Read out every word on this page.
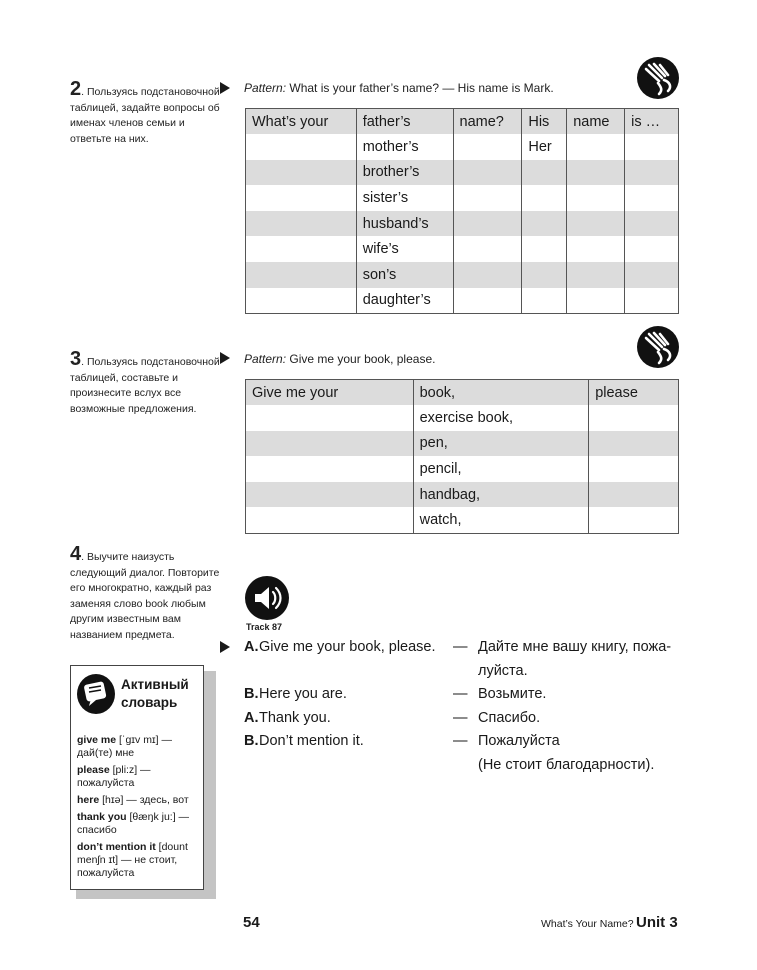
2. Пользуясь подстановочной таблицей, задайте вопросы об именах членов семьи и ответьте на них.
Pattern: What is your father’s name? — His name is Mark.
What’s your	father’s	name?	His	name	is …
	mother’s		Her		
	brother’s				
	sister’s				
	husband’s				
	wife’s				
	son’s				
	daughter’s				
3. Пользуясь подстановочной таблицей, составьте и произнесите вслух все возможные предложения.
Pattern: Give me your book, please.
Give me your	book,	please
	exercise book,	
	pen,	
	pencil,	
	handbag,	
	watch,	
4. Выучите наизусть следующий диалог. Повторите его многократно, каждый раз заменяя слово book любым другим известным вам названием предмета.
Track 87
A. Give me your book, please. — Дайте мне вашу книгу, пожа-
луйста.
B. Here you are.	— Возьмите.
A. Thank you.	— Спасибо.
B. Don’t mention it.	— Пожалуйста
(Не стоит благодарности).
Активный
словарь

give me [ˈgɪv mɪ] — дай(те) мне

please [pli:z] — пожалуйста

here [hɪə] — здесь, вот

thank you [θæŋk ju:] — спасибо

don’t mention it [dount menʃn ɪt] — не стоит, пожалуйста

54	What’s Your Name? Unit 3
